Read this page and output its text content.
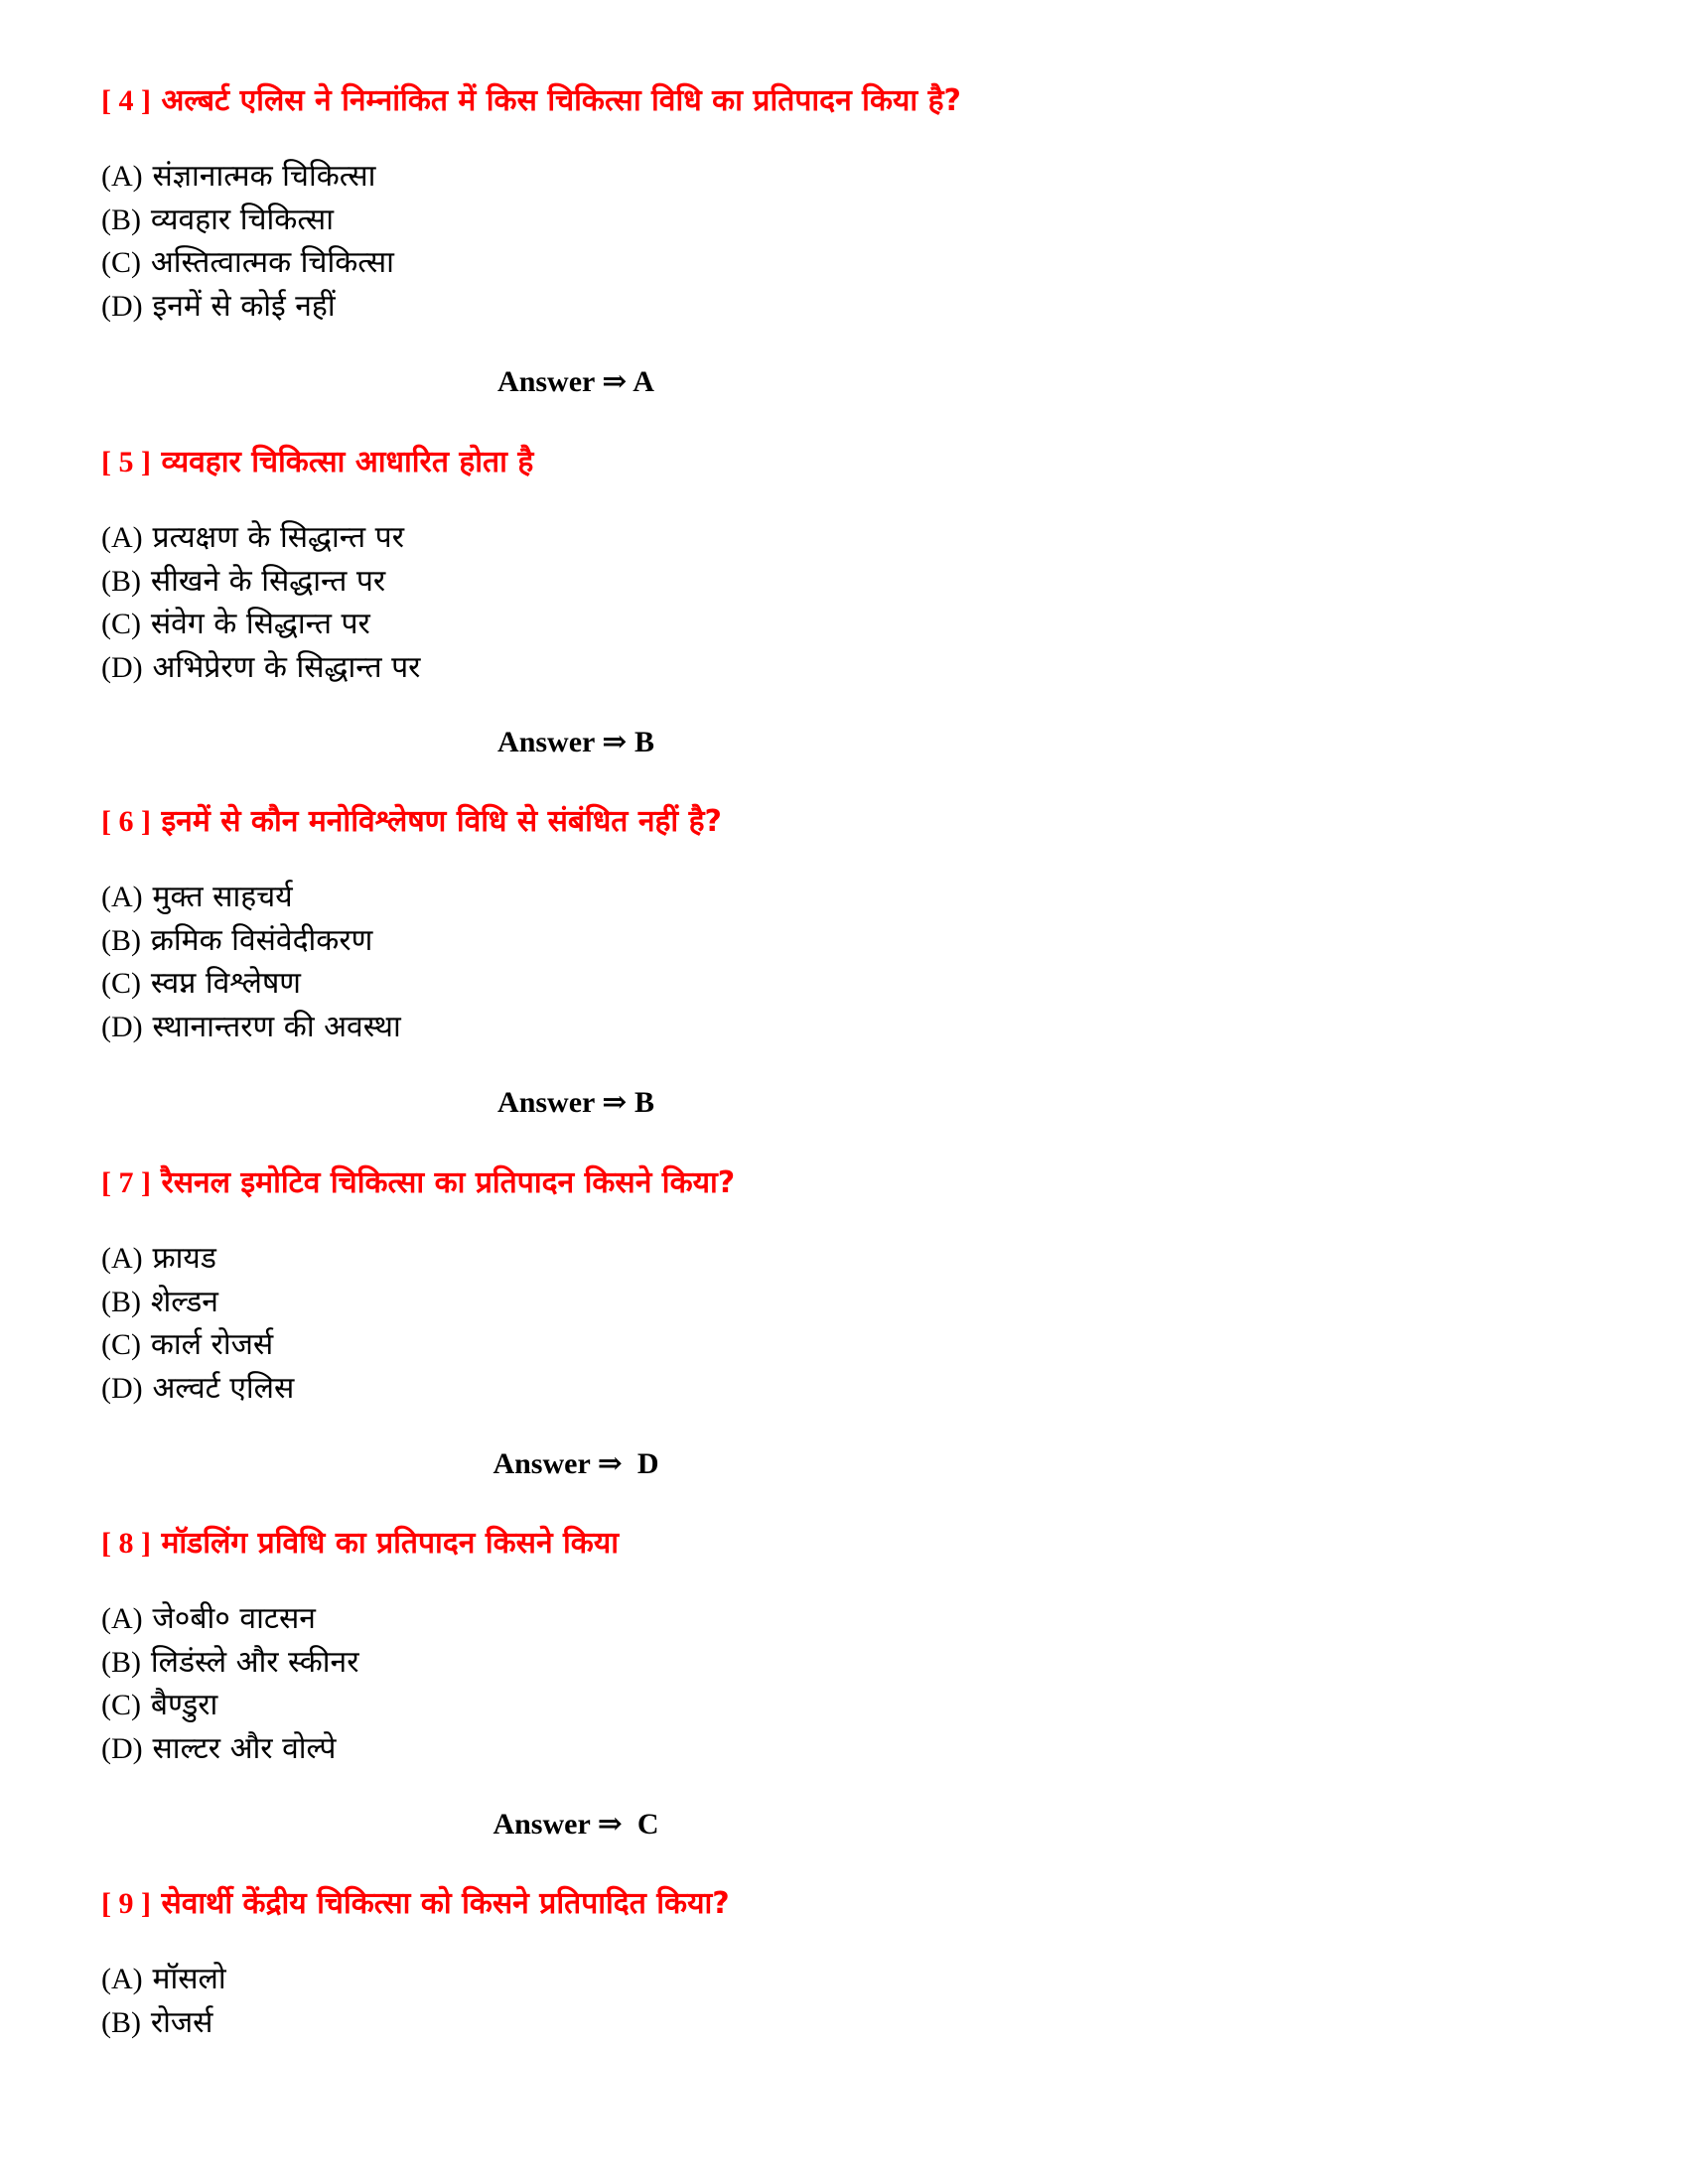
[ 4 ] अल्बर्ट एलिस ने निम्नांकित में किस चिकित्सा विधि का प्रतिपादन किया है?
(A) संज्ञानात्मक चिकित्सा
(B) व्यवहार चिकित्सा
(C) अस्तित्वात्मक चिकित्सा
(D) इनमें से कोई नहीं
Answer ⇒ A
[ 5 ] व्यवहार चिकित्सा आधारित होता है
(A) प्रत्यक्षण के सिद्धान्त पर
(B) सीखने के सिद्धान्त पर
(C) संवेग के सिद्धान्त पर
(D) अभिप्रेरण के सिद्धान्त पर
Answer ⇒ B
[ 6 ] इनमें से कौन मनोविश्लेषण विधि से संबंधित नहीं है?
(A) मुक्त साहचर्य
(B) क्रमिक विसंवेदीकरण
(C) स्वप्न विश्लेषण
(D) स्थानान्तरण की अवस्था
Answer ⇒ B
[ 7 ] रैसनल इमोटिव चिकित्सा का प्रतिपादन किसने किया?
(A) फ्रायड
(B) शेल्डन
(C) कार्ल रोजर्स
(D) अल्वर्ट एलिस
Answer ⇒  D
[ 8 ] मॉडलिंग प्रविधि का प्रतिपादन किसने किया
(A) जे०बी० वाटसन
(B) लिडंस्ले और स्कीनर
(C) बैण्डुरा
(D) साल्टर और वोल्पे
Answer ⇒  C
[ 9 ] सेवार्थी केंद्रीय चिकित्सा को किसने प्रतिपादित किया?
(A) मॉसलो
(B) रोजर्स
